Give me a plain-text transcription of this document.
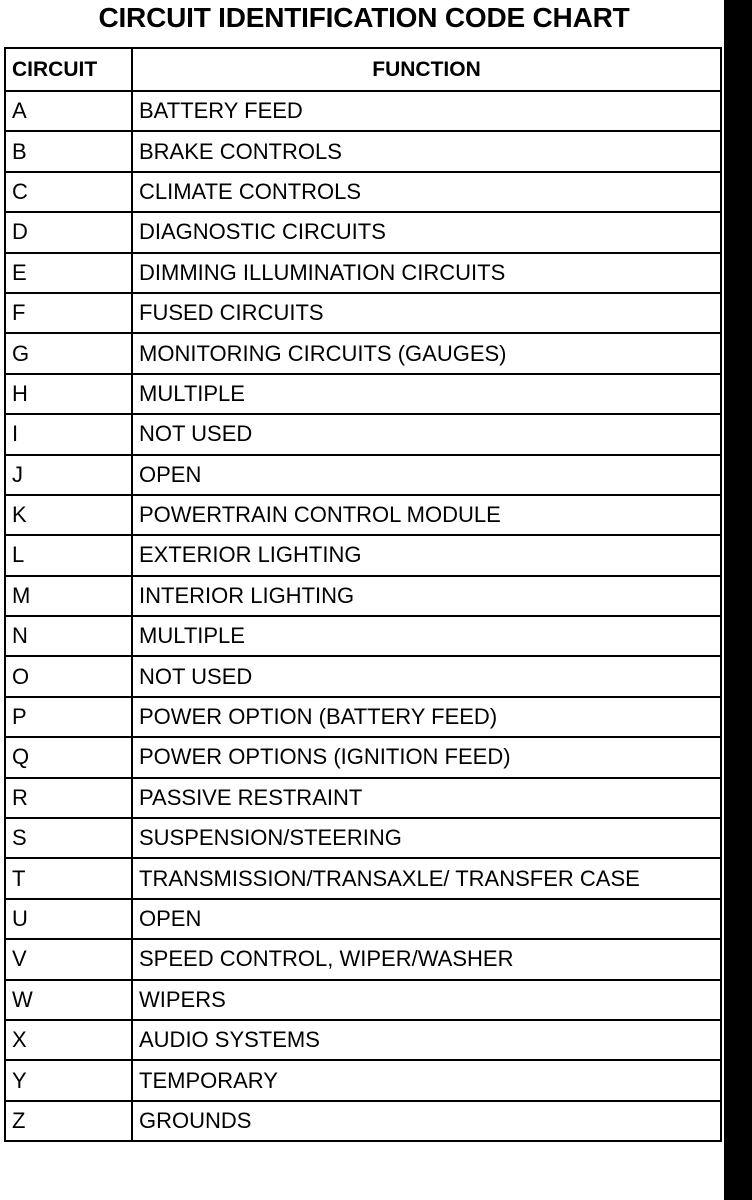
CIRCUIT IDENTIFICATION CODE CHART
CIRCUIT	FUNCTION
A	BATTERY FEED
B	BRAKE CONTROLS
C	CLIMATE CONTROLS
D	DIAGNOSTIC CIRCUITS
E	DIMMING ILLUMINATION CIRCUITS
F	FUSED CIRCUITS
G	MONITORING CIRCUITS (GAUGES)
H	MULTIPLE
I	NOT USED
J	OPEN
K	POWERTRAIN CONTROL MODULE
L	EXTERIOR LIGHTING
M	INTERIOR LIGHTING
N	MULTIPLE
O	NOT USED
P	POWER OPTION (BATTERY FEED)
Q	POWER OPTIONS (IGNITION FEED)
R	PASSIVE RESTRAINT
S	SUSPENSION/STEERING
T	TRANSMISSION/TRANSAXLE/ TRANSFER CASE
U	OPEN
V	SPEED CONTROL, WIPER/WASHER
W	WIPERS
X	AUDIO SYSTEMS
Y	TEMPORARY
Z	GROUNDS
